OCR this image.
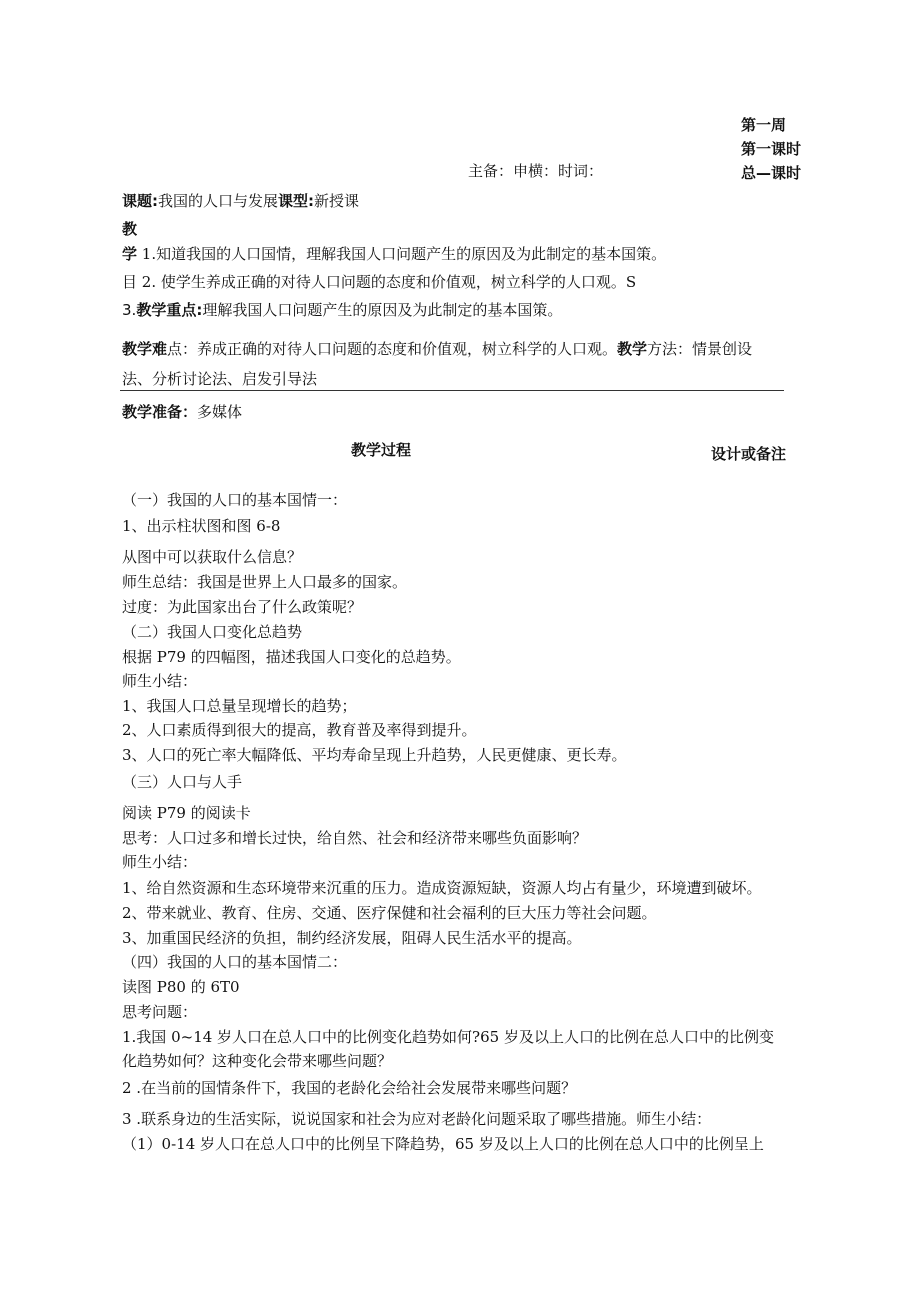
第一周
第一课时
主备：申横：时词：	总—课时
课题:我国的人口与发展课型:新授课
教
学 1.知道我国的人口国情，理解我国人口问题产生的原因及为此制定的基本国策。
目 2. 使学生养成正确的对待人口问题的态度和价值观，树立科学的人口观。S
3.教学重点:理解我国人口问题产生的原因及为此制定的基本国策。
教学难点：养成正确的对待人口问题的态度和价值观，树立科学的人口观。教学方法：情景创设
法、分析讨论法、启发引导法
教学准备：多媒体
教学过程	设计或备注
（一）我国的人口的基本国情一：
1、出示柱状图和图 6-8
从图中可以获取什么信息？
师生总结：我国是世界上人口最多的国家。
过度：为此国家出台了什么政策呢？
（二）我国人口变化总趋势
根据 P79 的四幅图，描述我国人口变化的总趋势。
师生小结：
1、我国人口总量呈现增长的趋势；
2、人口素质得到很大的提高，教育普及率得到提升。
3、人口的死亡率大幅降低、平均寿命呈现上升趋势，人民更健康、更长寿。
（三）人口与人手
阅读 P79 的阅读卡
思考：人口过多和增长过快，给自然、社会和经济带来哪些负面影响？
师生小结：
1、给自然资源和生态环境带来沉重的压力。造成资源短缺，资源人均占有量少，环境遭到破坏。
2、带来就业、教育、住房、交通、医疗保健和社会福利的巨大压力等社会问题。
3、加重国民经济的负担，制约经济发展，阻碍人民生活水平的提高。
（四）我国的人口的基本国情二：
读图 P80 的 6T0
思考问题：
1.我国 0~14 岁人口在总人口中的比例变化趋势如何?65 岁及以上人口的比例在总人口中的比例变
化趋势如何？这种变化会带来哪些问题？
2 .在当前的国情条件下，我国的老龄化会给社会发展带来哪些问题？
3 .联系身边的生活实际，说说国家和社会为应对老龄化问题采取了哪些措施。师生小结：
（1）0-14 岁人口在总人口中的比例呈下降趋势，65 岁及以上人口的比例在总人口中的比例呈上
